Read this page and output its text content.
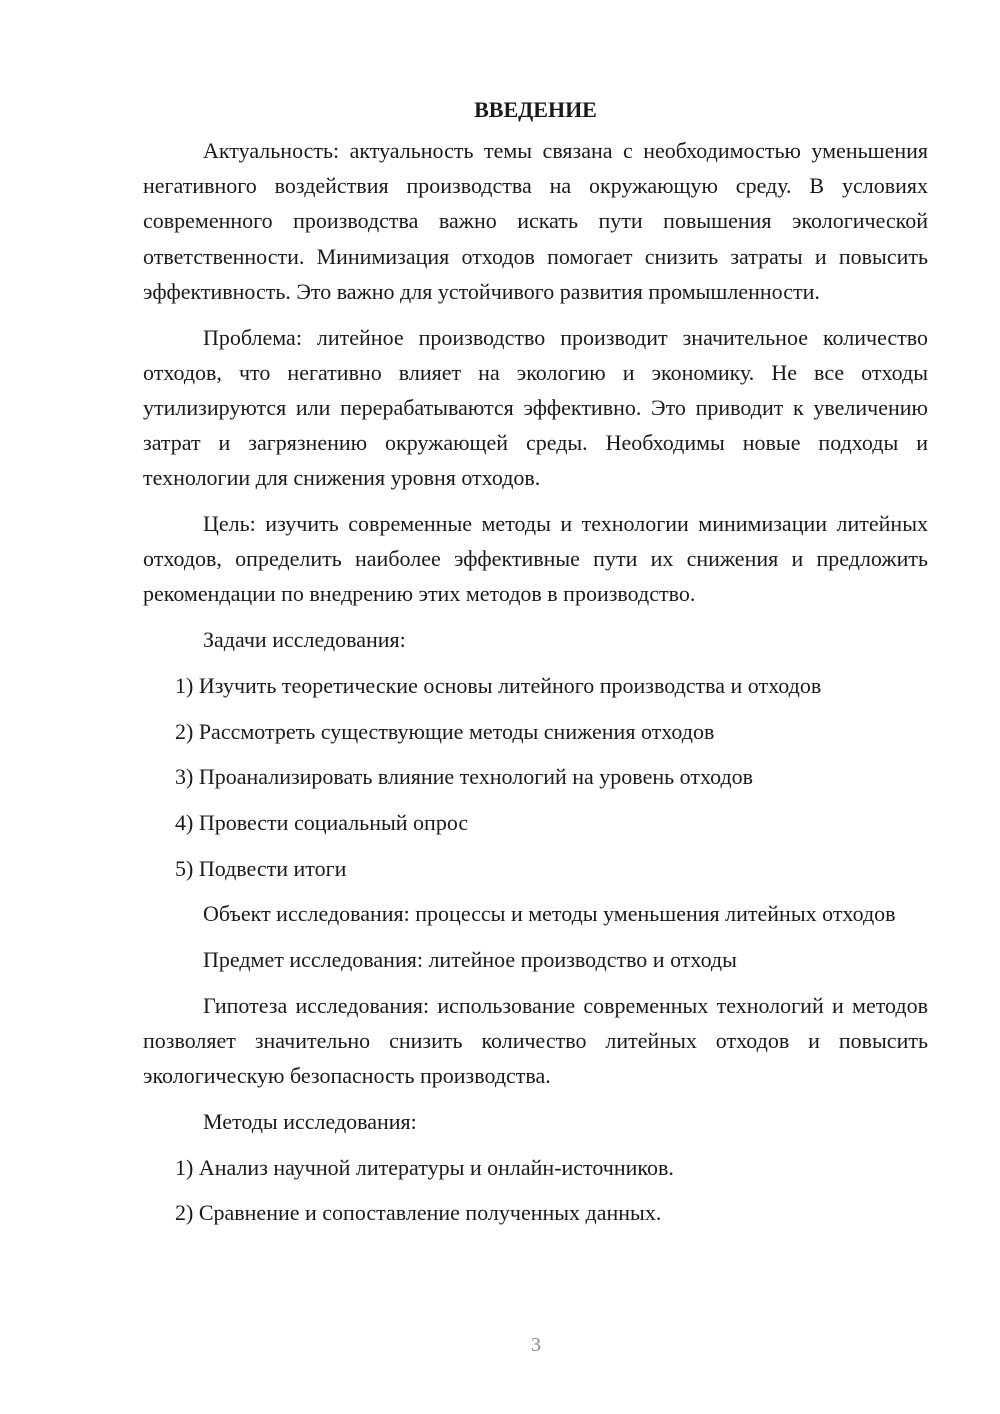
ВВЕДЕНИЕ

Актуальность: актуальность темы связана с необходимостью уменьшения негативного воздействия производства на окружающую среду. В условиях современного производства важно искать пути повышения экологической ответственности. Минимизация отходов помогает снизить затраты и повысить эффективность. Это важно для устойчивого развития промышленности.

Проблема: литейное производство производит значительное количество отходов, что негативно влияет на экологию и экономику. Не все отходы утилизируются или перерабатываются эффективно. Это приводит к увеличению затрат и загрязнению окружающей среды. Необходимы новые подходы и технологии для снижения уровня отходов.

Цель: изучить современные методы и технологии минимизации литейных отходов, определить наиболее эффективные пути их снижения и предложить рекомендации по внедрению этих методов в производство.

Задачи исследования:

1) Изучить теоретические основы литейного производства и отходов

2) Рассмотреть существующие методы снижения отходов

3) Проанализировать влияние технологий на уровень отходов

4) Провести социальный опрос

5) Подвести итоги

Объект исследования: процессы и методы уменьшения литейных отходов

Предмет исследования: литейное производство и отходы

Гипотеза исследования: использование современных технологий и методов позволяет значительно снизить количество литейных отходов и повысить экологическую безопасность производства.

Методы исследования:

1) Анализ научной литературы и онлайн-источников.

2) Сравнение и сопоставление полученных данных.

3
